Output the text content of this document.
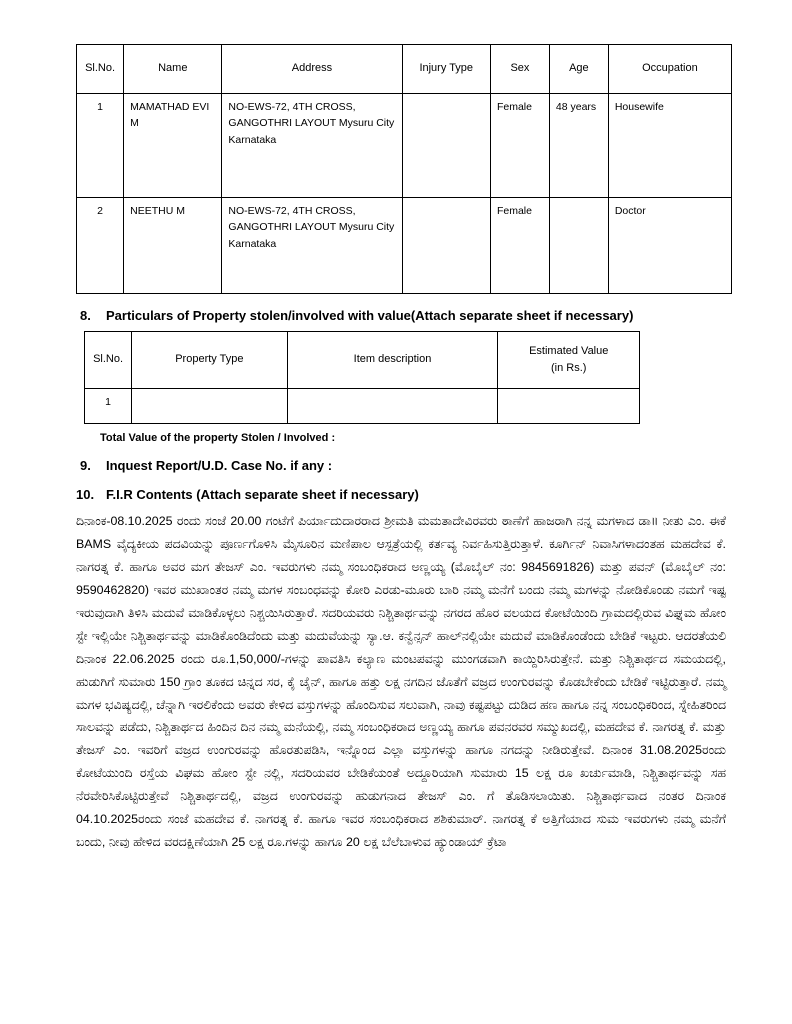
Sl.No.	Name	Address	Injury Type	Sex	Age	Occupation
1	MAMATHAD EVI M	NO-EWS-72, 4TH CROSS, GANGOTHRI LAYOUT Mysuru City Karnataka		Female	48 years	Housewife
2	NEETHU M	NO-EWS-72, 4TH CROSS, GANGOTHRI LAYOUT Mysuru City Karnataka		Female		Doctor
8.	Particulars of Property stolen/involved with value(Attach separate sheet if necessary)
Sl.No.	Property Type	Item description	Estimated Value
(in Rs.)

1			
Total Value of the property Stolen / Involved :
9.	Inquest Report/U.D. Case No. if any :
10. F.I.R Contents (Attach separate sheet if necessary)

ದಿನಾಂಕ-08.10.2025 ರಂದು ಸಂಜೆ 20.00 ಗಂಟೆಗೆ ಪಿರ್ಯಾದುದಾರರಾದ ಶ್ರೀಮತಿ ಮಮತಾದೇವಿರವರು ಠಾಣೆಗೆ ಹಾಜರಾಗಿ ನನ್ನ ಮಗಳಾದ ಡಾ॥ ನೀತು ಎಂ. ಈಕೆ BAMS ವೈದ್ಯಕೀಯ ಪದವಿಯನ್ನು ಪೂರ್ಣಗೊಳಿಸಿ ಮೈಸೂರಿನ ಮಣಿಪಾಲ ಆಸ್ಪತ್ರೆಯಲ್ಲಿ ಕರ್ತವ್ಯ ನಿರ್ವಹಿಸುತ್ತಿರುತ್ತಾಳೆ. ಕೂರ್ಗಿನ್ ನಿವಾಸಿಗಳಾದಂತಹ ಮಹದೇವ ಕೆ. ನಾಗರತ್ನ ಕೆ. ಹಾಗೂ ಅವರ ಮಗ ತೇಜಸ್ ಎಂ. ಇವರುಗಳು ನಮ್ಮ ಸಂಬಂಧಿಕರಾದ ಅಣ್ಣಯ್ಯ (ಮೊಬೈಲ್ ನಂ: 9845691826) ಮತ್ತು ಪವನ್ (ಮೊಬೈಲ್ ನಂ: 9590462820) ಇವರ ಮುಖಾಂತರ ನಮ್ಮ ಮಗಳ ಸಂಬಂಧವನ್ನು ಕೋರಿ ಎರಡು-ಮೂರು ಬಾರಿ ನಮ್ಮ ಮನೆಗೆ ಬಂದು ನಮ್ಮ ಮಗಳನ್ನು ನೋಡಿಕೊಂಡು ನಮಗೆ ಇಷ್ಟ ಇರುವುದಾಗಿ ತಿಳಿಸಿ ಮದುವೆ ಮಾಡಿಕೊಳ್ಳಲು ನಿಶ್ಚಯಿಸಿರುತ್ತಾರೆ. ಸದರಿಯವರು ನಿಶ್ಚಿತಾರ್ಥವನ್ನು ನಗರದ ಹೊರ ವಲಯದ ಕೋಟೆಯಿಂದಿ ಗ್ರಾಮದಲ್ಲಿರುವ ವಿಘ್ನಮ ಹೋಂ ಸ್ಟೇ ಇಲ್ಲಿಯೇ ನಿಶ್ಚಿತಾರ್ಥವನ್ನು ಮಾಡಿಕೊಂಡಿದೆಂದು ಮತ್ತು ಮದುವೆಯನ್ನು ಸ್ಯಾ.ಆ. ಕನ್ವೆನ್ಸನ್ ಹಾಲ್‌ನಲ್ಲಿಯೇ ಮದುವೆ ಮಾಡಿಕೊಂಡೆಂದು ಬೇಡಿಕೆ ಇಟ್ಟರು. ಆದರತೆಯಲಿ ದಿನಾಂಕ 22.06.2025 ರಂದು ರೂ.1,50,000/-ಗಳನ್ನು ಪಾವತಿಸಿ ಕಲ್ಯಾಣ ಮಂಟಪವನ್ನು ಮುಂಗಡವಾಗಿ ಕಾಯ್ದಿರಿಸಿರುತ್ತೇನೆ. ಮತ್ತು ನಿಶ್ಚಿತಾರ್ಥದ ಸಮಯದಲ್ಲಿ, ಹುಡುಗಿಗೆ ಸುಮಾರು 150 ಗ್ರಾಂ ತೂಕದ ಚಿನ್ನದ ಸರ, ಕೈ ಚೈನ್, ಹಾಗೂ ಹತ್ತು ಲಕ್ಷ ನಗದಿನ ಜೊತೆಗೆ ವಜ್ರದ ಉಂಗುರವನ್ನು ಕೊಡಬೇಕೆಂದು ಬೇಡಿಕೆ ಇಟ್ಟಿರುತ್ತಾರೆ. ನಮ್ಮ ಮಗಳ ಭವಿಷ್ಯದಲ್ಲಿ, ಚೆನ್ನಾಗಿ ಇರಲಿಕೆಂದು ಅವರು ಕೇಳಿದ ವಸ್ತುಗಳನ್ನು ಹೊಂದಿಸುವ ಸಲುವಾಗಿ, ನಾವು ಕಷ್ಟಪಟ್ಟು ದುಡಿದ ಹಣ ಹಾಗೂ ನನ್ನ ಸಂಬಂಧಿಕರಿಂದ, ಸ್ನೇಹಿತರಿಂದ ಸಾಲವನ್ನು ಪಡೆದು, ನಿಶ್ಚಿತಾರ್ಥದ ಹಿಂದಿನ ದಿನ ನಮ್ಮ ಮನೆಯಲ್ಲಿ, ನಮ್ಮ ಸಂಬಂಧಿಕರಾದ ಅಣ್ಣಯ್ಯ ಹಾಗೂ ಪವನರವರ ಸಮ್ಮುಖದಲ್ಲಿ, ಮಹದೇವ ಕೆ. ನಾಗರತ್ನ ಕೆ. ಮತ್ತು ತೇಜಸ್ ಎಂ. ಇವರಿಗೆ ವಜ್ರದ ಉಂಗುರವನ್ನು ಹೊರತುಪಡಿಸಿ, ಇನ್ನೊಂದ ಎಲ್ಲಾ ವಸ್ತುಗಳನ್ನು ಹಾಗೂ ನಗದನ್ನು ನೀಡಿರುತ್ತೇವೆ. ದಿನಾಂಕ 31.08.2025ರಂದು ಕೋಟೆಯುಂದಿ ರಸ್ತೆಯ ವಿಘಮ ಹೋಂ ಸ್ಟೇ ನಲ್ಲಿ, ಸದರಿಯವರ ಬೇಡಿಕೆಯಂತೆ ಅದ್ದೂರಿಯಾಗಿ ಸುಮಾರು 15 ಲಕ್ಷ ರೂ ಖರ್ಚುಮಾಡಿ, ನಿಶ್ಚಿತಾರ್ಥವನ್ನು ಸಹ ನೆರವೇರಿಸಿಕೊಟ್ಟಿರುತ್ತೇವೆ ನಿಶ್ಚಿತಾರ್ಥದಲ್ಲಿ, ವಜ್ರದ ಉಂಗುರವನ್ನು ಹುಡುಗನಾದ ತೇಜಸ್ ಎಂ. ಗೆ ತೊಡಿಸಲಾಯಿತು. ನಿಶ್ಚಿತಾರ್ಥವಾದ ನಂತರ ದಿನಾಂಕ 04.10.2025ರಂದು ಸಂಜೆ ಮಹದೇವ ಕೆ. ನಾಗರತ್ನ ಕೆ. ಹಾಗೂ ಇವರ ಸಂಬಂಧಿಕರಾದ ಶಶಿಕುಮಾರ್. ನಾಗರತ್ನ ಕೆ ಅತ್ತಿಗೆಯಾದ ಸುಮ ಇವರುಗಳು ನಮ್ಮ ಮನೆಗೆ ಬಂದು, ನೀವು ಹೇಳಿದ ವರದಕ್ಷಿಣೆಯಾಗಿ 25 ಲಕ್ಷ ರೂ.ಗಳನ್ನು ಹಾಗೂ 20 ಲಕ್ಷ ಬೆಲೆಬಾಳುವ ಹ್ಯುಂಡಾಯ್ ಕ್ರೆಟಾ
